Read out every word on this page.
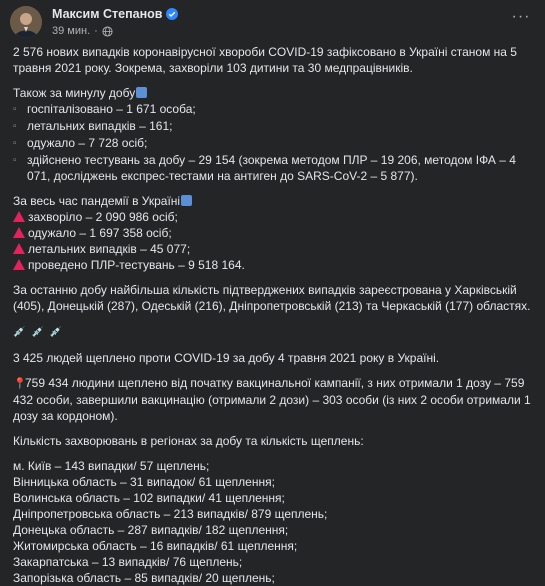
Максим Степанов
39 мин. ·
···

2 576 нових випадків коронавірусної хвороби COVID-19 зафіксовано в Україні станом на 5 травня 2021 року. Зокрема, захворіли 103 дитини та 30 медпрацівників.

Також за минулу добу
▫ госпіталізовано – 1 671 особа;
▫ летальних випадків – 161;
▫ одужало – 7 728 осіб;
▫ здійснено тестувань за добу – 29 154 (зокрема методом ПЛР – 19 206, методом ІФА – 4 071, досліджень експрес-тестами на антиген до SARS-CoV-2 – 5 877).
За весь час пандемії в Україні
захворіло – 2 090 986 осіб;
одужало – 1 697 358 осіб;
летальних випадків – 45 077;
проведено ПЛР-тестувань – 9 518 164.

За останню добу найбільша кількість підтверджених випадків зареєстрована у Харківській (405), Донецькій (287), Одеській (216), Дніпропетровській (213) та Черкаській (177) областях.

💉 💉 💉

3 425 людей щеплено проти COVID-19 за добу 4 травня 2021 року в Україні.

📍759 434 людини щеплено від початку вакцинальної кампанії, з них отримали 1 дозу – 759 432 особи, завершили вакцинацію (отримали 2 дози) – 303 особи (із них 2 особи отримали 1 дозу за кордоном).

Кількість захворювань в регіонах за добу та кількість щеплень:

м. Київ – 143 випадки/ 57 щеплень;
Вінницька область – 31 випадок/ 61 щеплення;
Волинська область – 102 випадки/ 41 щеплення;
Дніпропетровська область – 213 випадків/ 879 щеплень;
Донецька область – 287 випадків/ 182 щеплення;
Житомирська область – 16 випадків/ 61 щеплення;
Закарпатська – 13 випадків/ 76 щеплень;
Запорізька область – 85 випадків/ 20 щеплень;
